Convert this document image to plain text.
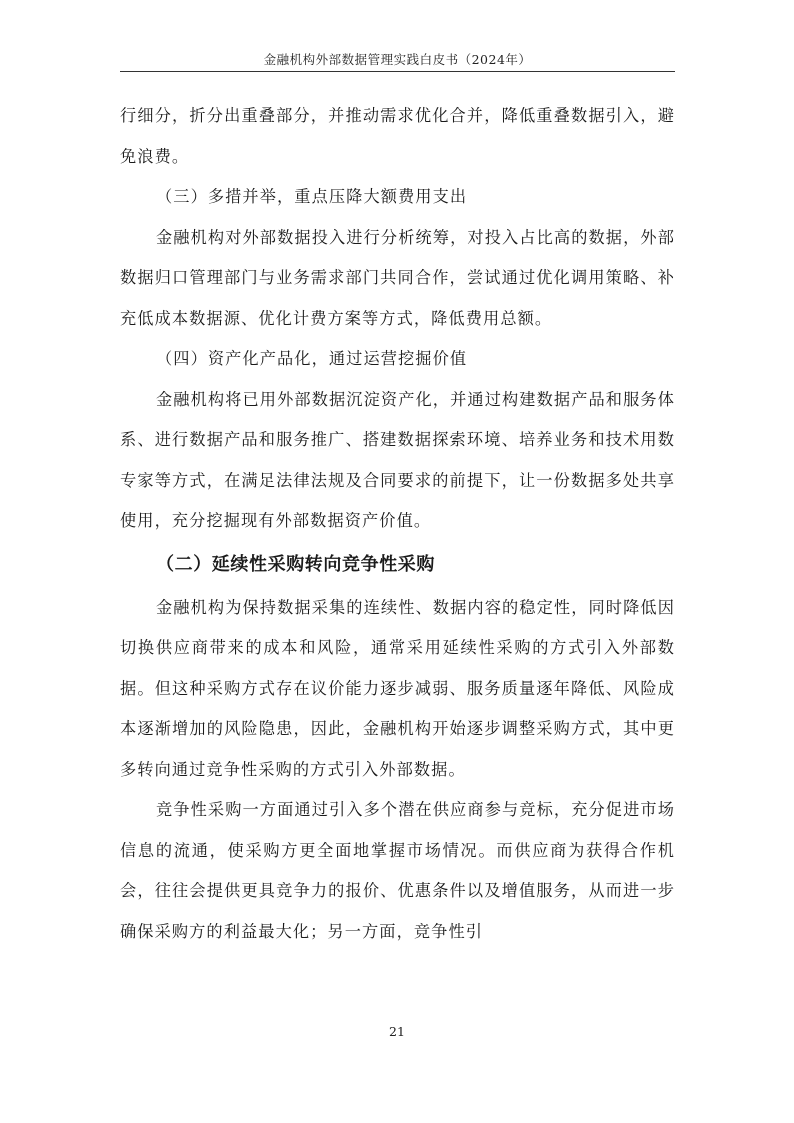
金融机构外部数据管理实践白皮书（2024年）

行细分，折分出重叠部分，并推动需求优化合并，降低重叠数据引入，避免浪费。

（三）多措并举，重点压降大额费用支出

金融机构对外部数据投入进行分析统筹，对投入占比高的数据，外部数据归口管理部门与业务需求部门共同合作，尝试通过优化调用策略、补充低成本数据源、优化计费方案等方式，降低费用总额。

（四）资产化产品化，通过运营挖掘价值

金融机构将已用外部数据沉淀资产化，并通过构建数据产品和服务体系、进行数据产品和服务推广、搭建数据探索环境、培养业务和技术用数专家等方式，在满足法律法规及合同要求的前提下，让一份数据多处共享使用，充分挖掘现有外部数据资产价值。

（二）延续性采购转向竞争性采购

金融机构为保持数据采集的连续性、数据内容的稳定性，同时降低因切换供应商带来的成本和风险，通常采用延续性采购的方式引入外部数据。但这种采购方式存在议价能力逐步减弱、服务质量逐年降低、风险成本逐渐增加的风险隐患，因此，金融机构开始逐步调整采购方式，其中更多转向通过竞争性采购的方式引入外部数据。

竞争性采购一方面通过引入多个潜在供应商参与竞标，充分促进市场信息的流通，使采购方更全面地掌握市场情况。而供应商为获得合作机会，往往会提供更具竞争力的报价、优惠条件以及增值服务，从而进一步确保采购方的利益最大化；另一方面，竞争性引

21
